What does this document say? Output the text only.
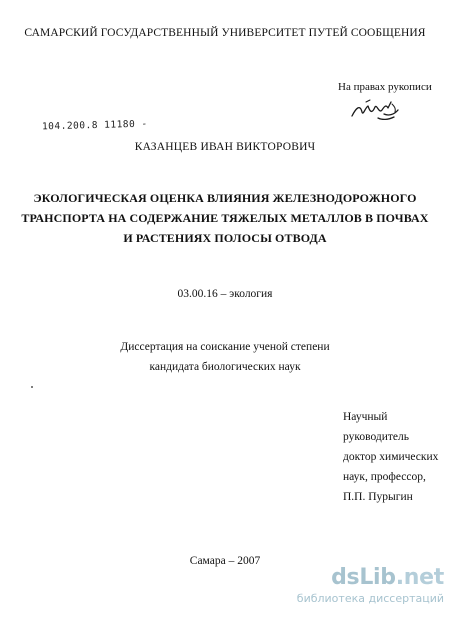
САМАРСКИЙ ГОСУДАРСТВЕННЫЙ УНИВЕРСИТЕТ ПУТЕЙ СООБЩЕНИЯ
На правах рукописи
104.200.8 11180 -
КАЗАНЦЕВ ИВАН ВИКТОРОВИЧ
ЭКОЛОГИЧЕСКАЯ ОЦЕНКА ВЛИЯНИЯ ЖЕЛЕЗНОДОРОЖНОГО
ТРАНСПОРТА НА СОДЕРЖАНИЕ ТЯЖЕЛЫХ МЕТАЛЛОВ В ПОЧВАХ
И РАСТЕНИЯХ ПОЛОСЫ ОТВОДА
03.00.16 – экология
Диссертация на соискание ученой степени
кандидата биологических наук
Научный
руководитель
доктор химических
наук, профессор,
П.П. Пурыгин
Самара – 2007
dsLib.net
библиотека диссертаций
